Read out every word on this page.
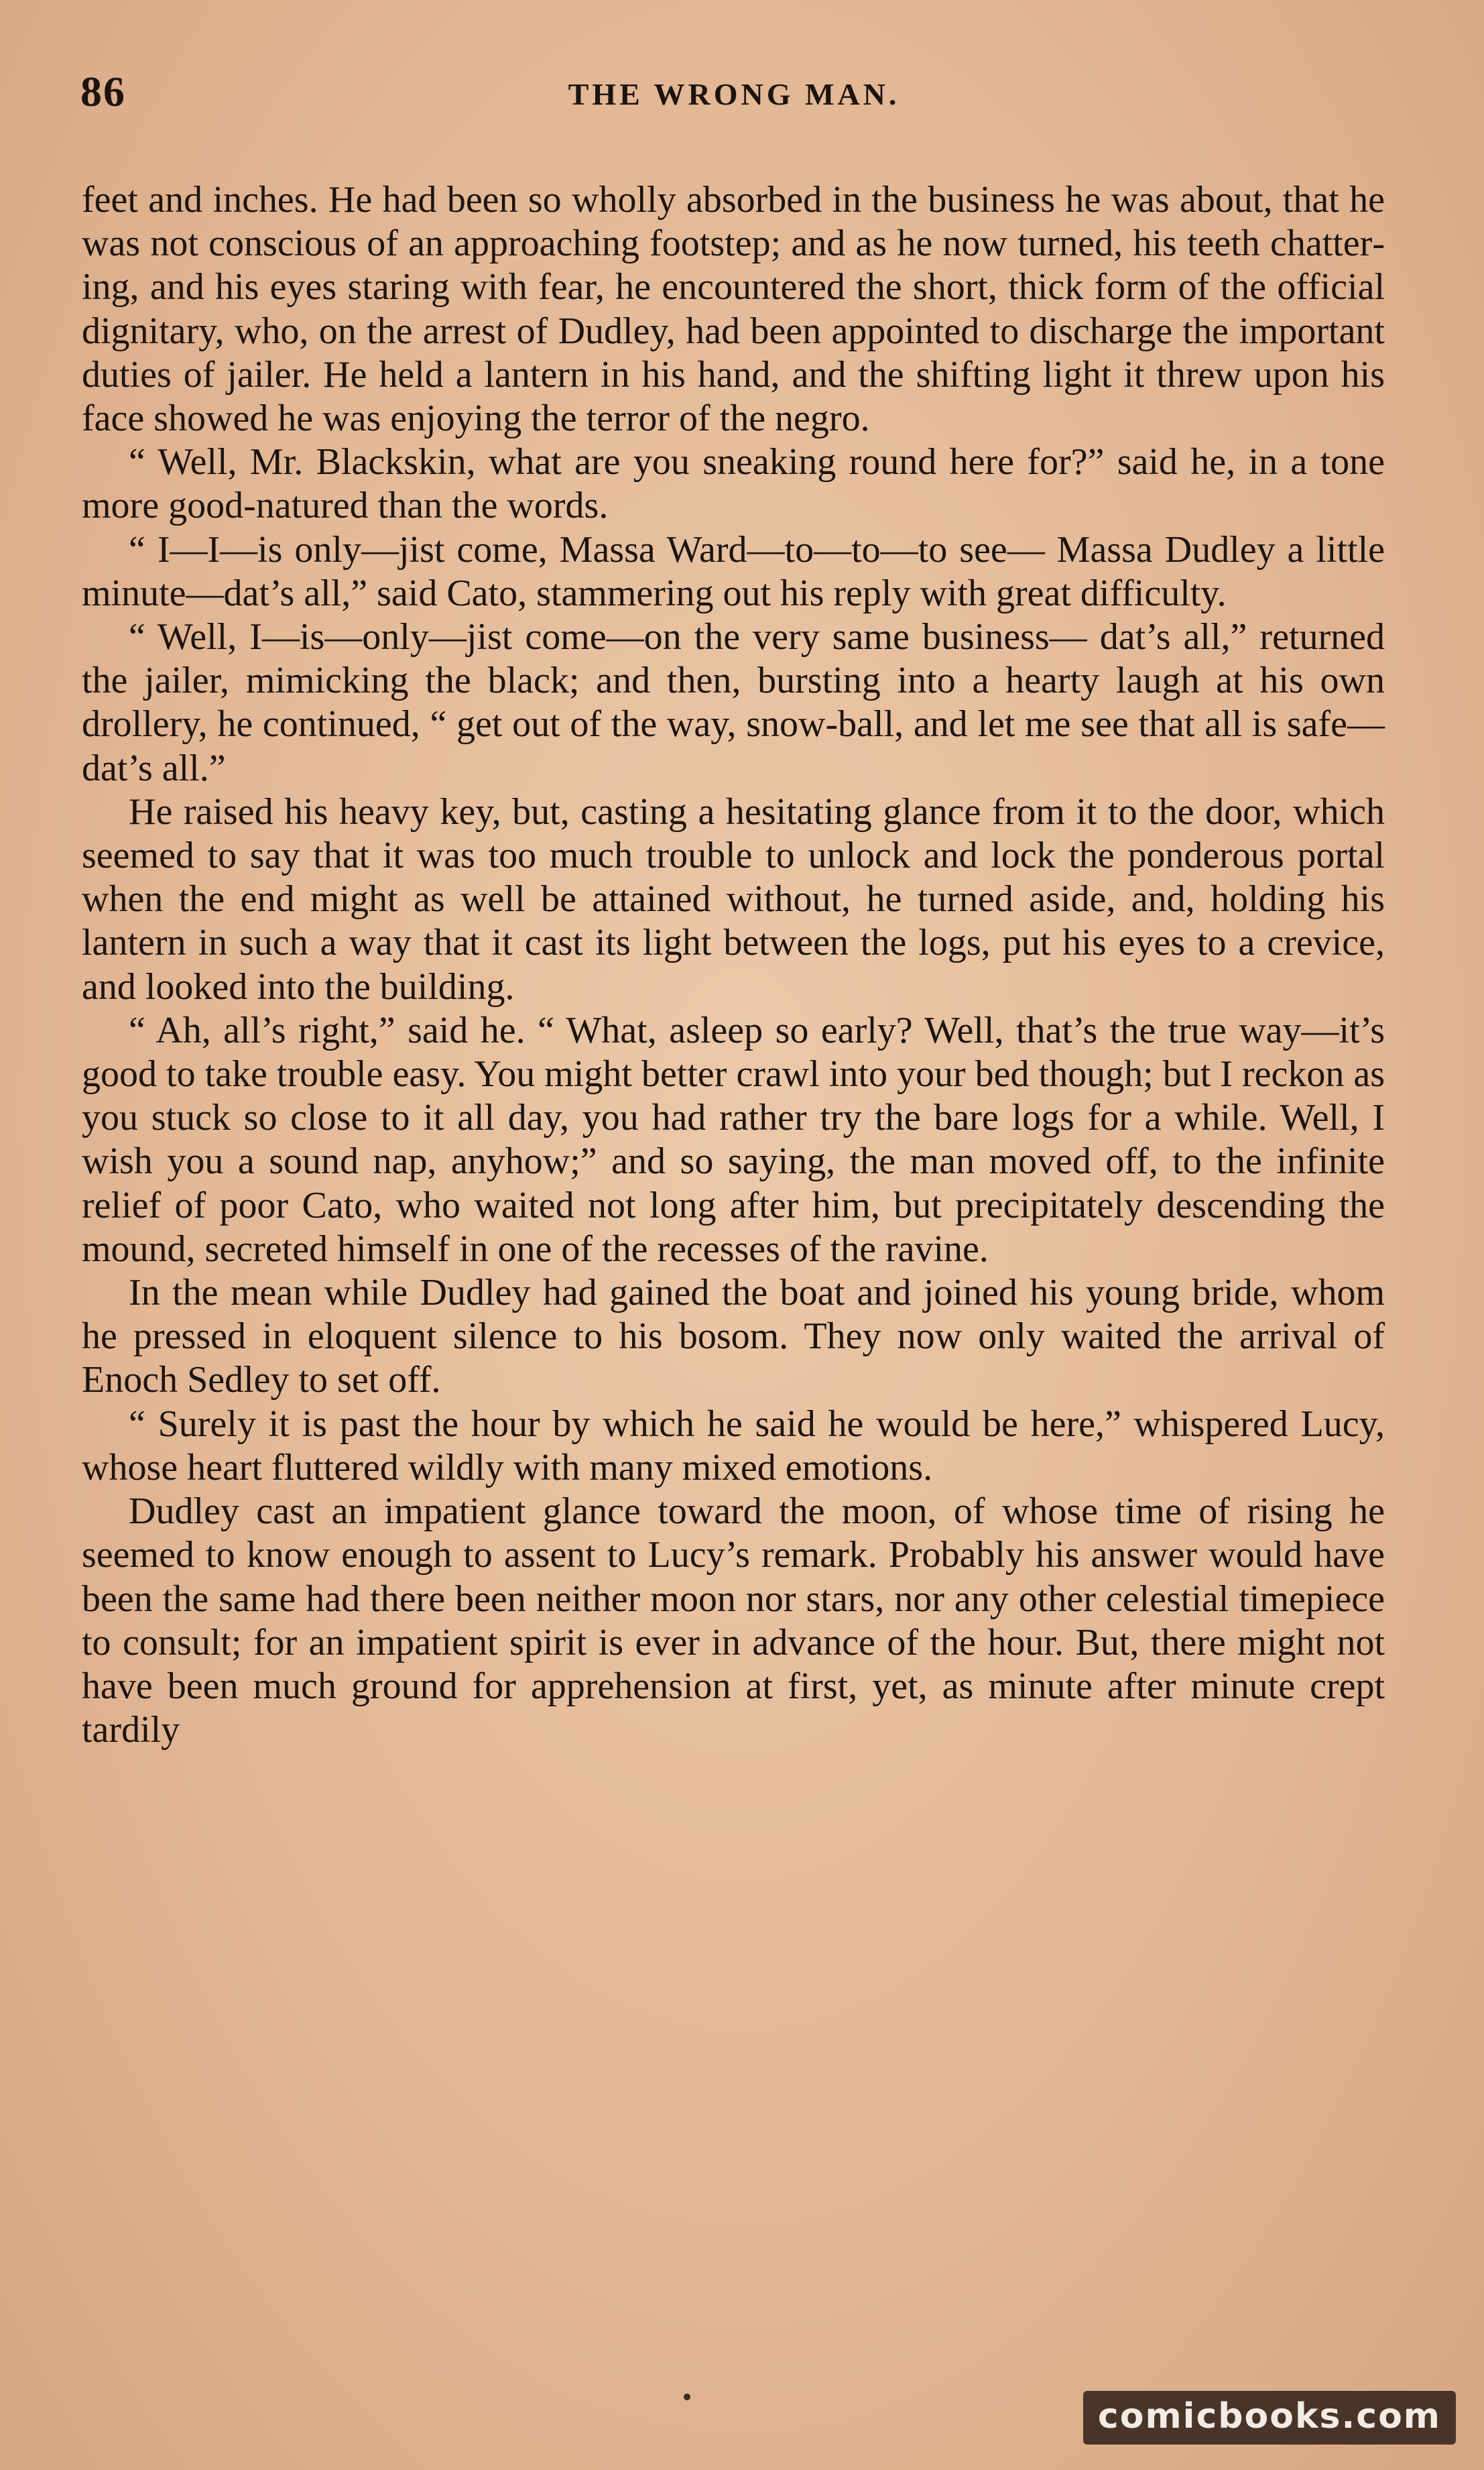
86	THE WRONG MAN.

feet and inches. He had been so wholly absorbed in the business he was about, that he was not conscious of an approaching footstep; and as he now turned, his teeth chattering, and his eyes staring with fear, he encountered the short, thick form of the official dignitary, who, on the arrest of Dudley, had been appointed to discharge the important duties of jailer. He held a lantern in his hand, and the shifting light it threw upon his face showed he was enjoying the terror of the negro.

“ Well, Mr. Blackskin, what are you sneaking round here for?” said he, in a tone more good-natured than the words.

“ I—I—is only—jist come, Massa Ward—to—to—to see— Massa Dudley a little minute—dat’s all,” said Cato, stammering out his reply with great difficulty.

“ Well, I—is—only—jist come—on the very same business— dat’s all,” returned the jailer, mimicking the black; and then, bursting into a hearty laugh at his own drollery, he continued, “ get out of the way, snow-ball, and let me see that all is safe— dat’s all.”

He raised his heavy key, but, casting a hesitating glance from it to the door, which seemed to say that it was too much trouble to unlock and lock the ponderous portal when the end might as well be attained without, he turned aside, and, holding his lantern in such a way that it cast its light between the logs, put his eyes to a crevice, and looked into the building.

“ Ah, all’s right,” said he. “ What, asleep so early? Well, that’s the true way—it’s good to take trouble easy. You might better crawl into your bed though; but I reckon as you stuck so close to it all day, you had rather try the bare logs for a while. Well, I wish you a sound nap, anyhow;” and so saying, the man moved off, to the infinite relief of poor Cato, who waited not long after him, but precipitately descending the mound, secreted himself in one of the recesses of the ravine.

In the mean while Dudley had gained the boat and joined his young bride, whom he pressed in eloquent silence to his bosom. They now only waited the arrival of Enoch Sedley to set off.

“ Surely it is past the hour by which he said he would be here,” whispered Lucy, whose heart fluttered wildly with many mixed emotions.

Dudley cast an impatient glance toward the moon, of whose time of rising he seemed to know enough to assent to Lucy’s remark. Probably his answer would have been the same had there been neither moon nor stars, nor any other celestial timepiece to consult; for an impatient spirit is ever in advance of the hour. But, there might not have been much ground for apprehension at first, yet, as minute after minute crept tardily

comicbooks.com
